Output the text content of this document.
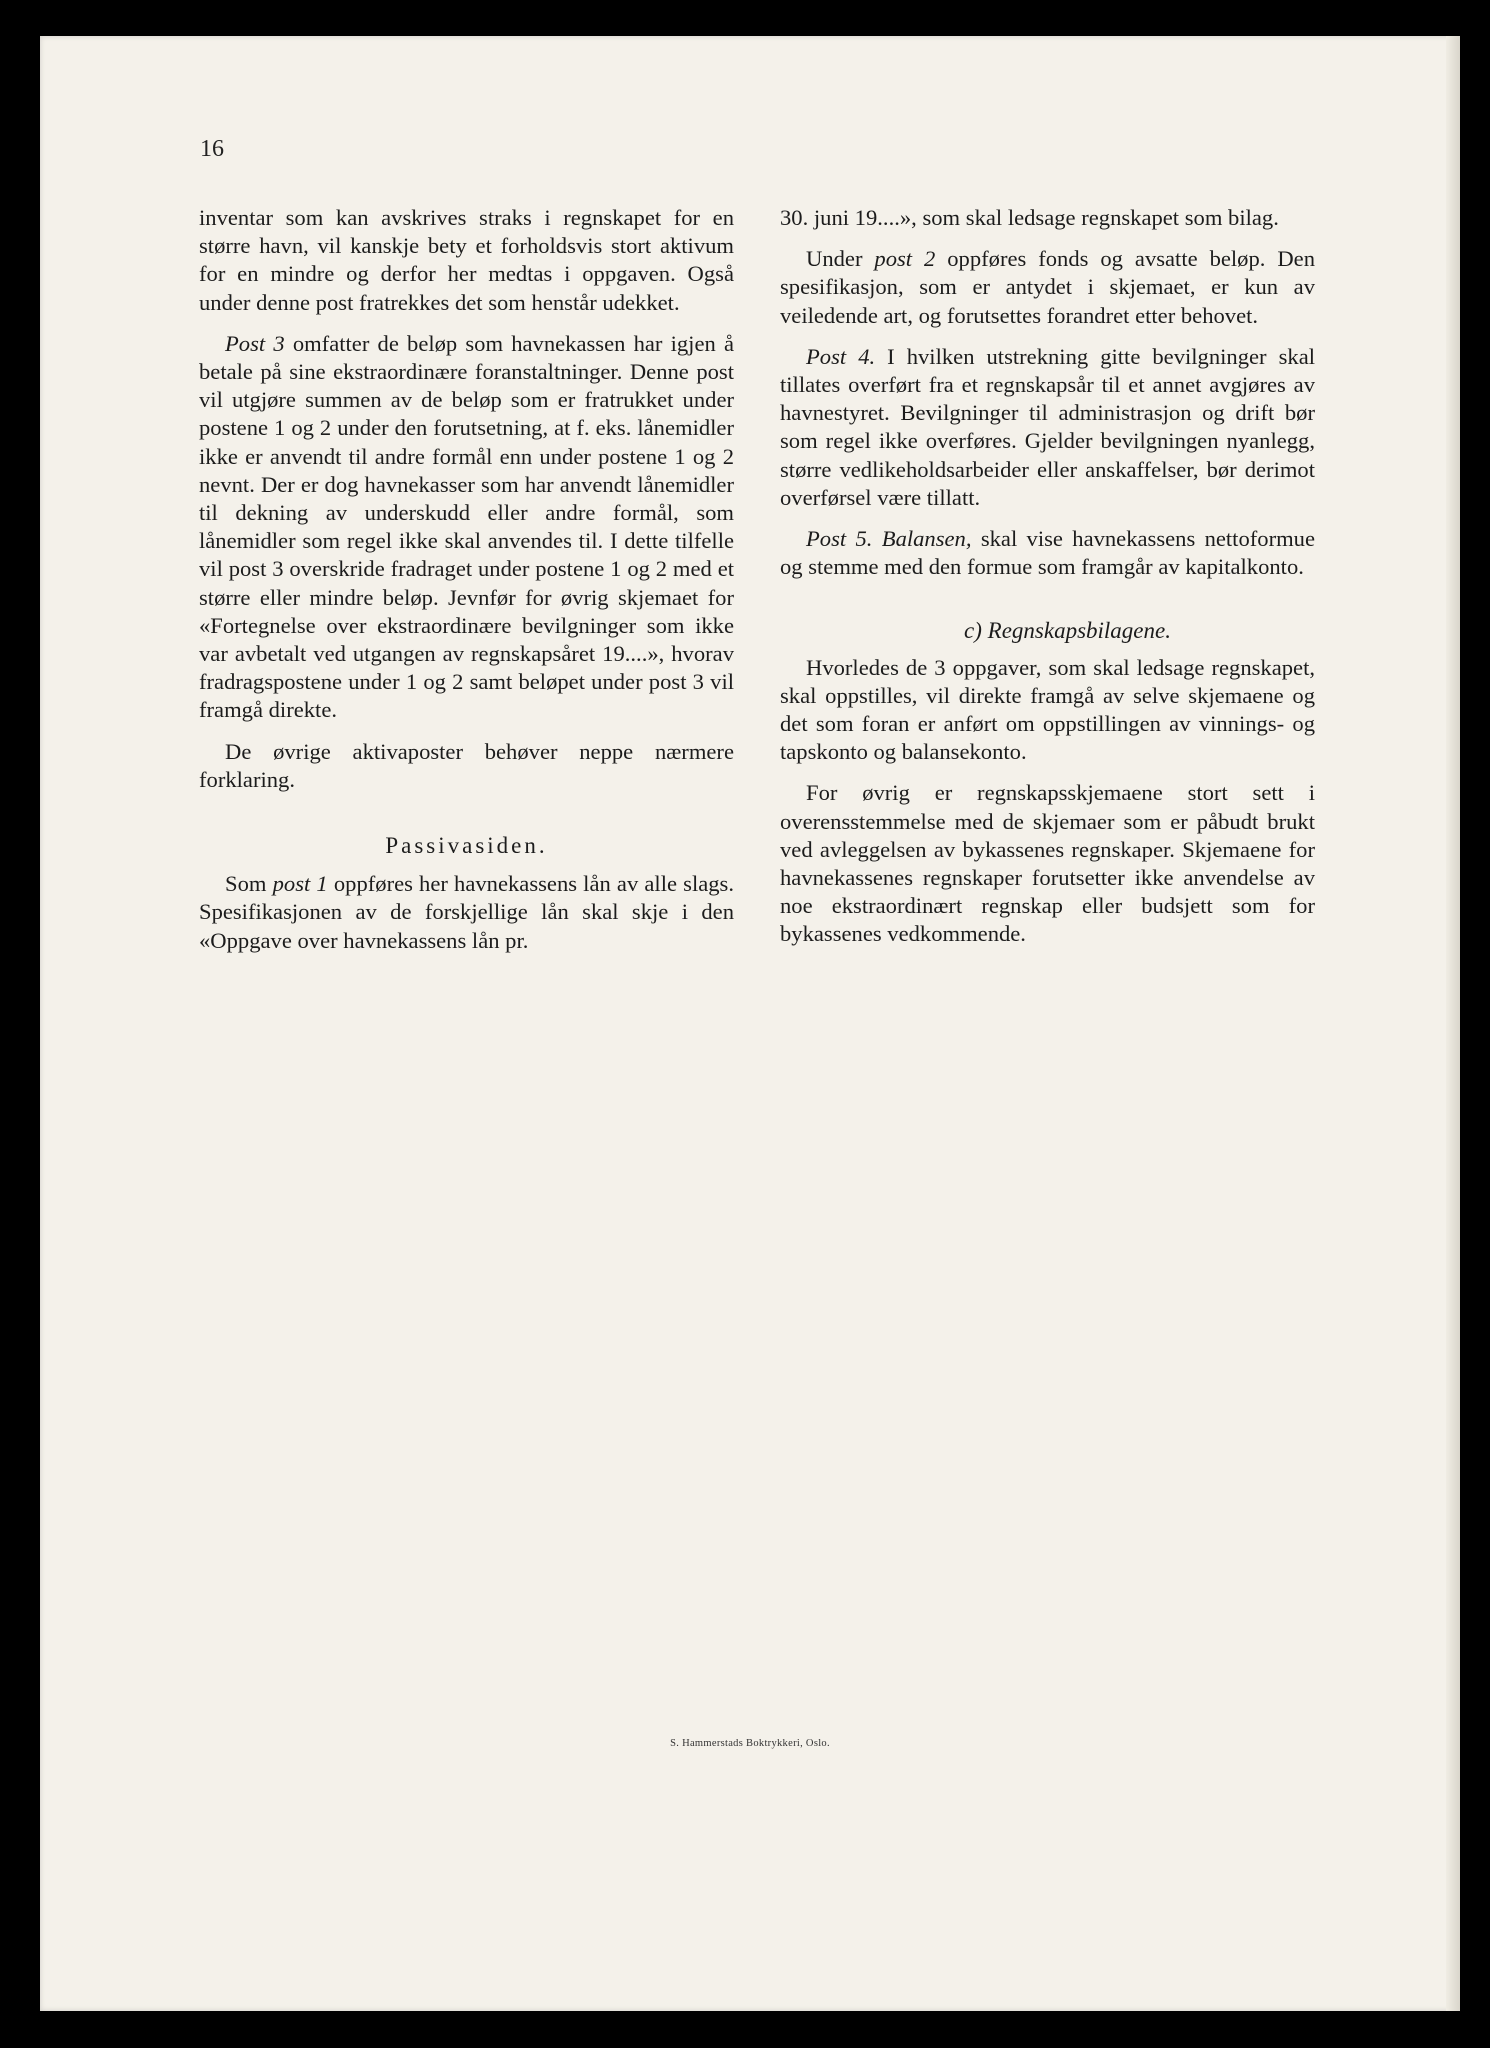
16

inventar som kan avskrives straks i regnskapet for en større havn, vil kanskje bety et forholdsvis stort aktivum for en mindre og derfor her medtas i oppgaven. Også under denne post fratrekkes det som henstår udekket.

Post 3 omfatter de beløp som havnekassen har igjen å betale på sine ekstraordinære foranstaltninger. Denne post vil utgjøre summen av de beløp som er fratrukket under postene 1 og 2 under den forutsetning, at f. eks. lånemidler ikke er anvendt til andre formål enn under postene 1 og 2 nevnt. Der er dog havnekasser som har anvendt lånemidler til dekning av underskudd eller andre formål, som lånemidler som regel ikke skal anvendes til. I dette tilfelle vil post 3 overskride fradraget under postene 1 og 2 med et større eller mindre beløp. Jevnfør for øvrig skjemaet for «Fortegnelse over ekstraordinære bevilgninger som ikke var avbetalt ved utgangen av regnskapsåret 19....», hvorav fradragspostene under 1 og 2 samt beløpet under post 3 vil framgå direkte.

De øvrige aktivaposter behøver neppe nærmere forklaring.

Passivasiden.

Som post 1 oppføres her havnekassens lån av alle slags. Spesifikasjonen av de forskjellige lån skal skje i den «Oppgave over havnekassens lån pr.

30. juni 19....», som skal ledsage regnskapet som bilag.

Under post 2 oppføres fonds og avsatte beløp. Den spesifikasjon, som er antydet i skjemaet, er kun av veiledende art, og forutsettes forandret etter behovet.

Post 4. I hvilken utstrekning gitte bevilgninger skal tillates overført fra et regnskapsår til et annet avgjøres av havnestyret. Bevilgninger til administrasjon og drift bør som regel ikke overføres. Gjelder bevilgningen nyanlegg, større vedlikeholdsarbeider eller anskaffelser, bør derimot overførsel være tillatt.

Post 5. Balansen, skal vise havnekassens nettoformue og stemme med den formue som framgår av kapitalkonto.

c) Regnskapsbilagene.

Hvorledes de 3 oppgaver, som skal ledsage regnskapet, skal oppstilles, vil direkte framgå av selve skjemaene og det som foran er anført om oppstillingen av vinnings- og tapskonto og balansekonto.

For øvrig er regnskapsskjemaene stort sett i overensstemmelse med de skjemaer som er påbudt brukt ved avleggelsen av bykassenes regnskaper. Skjemaene for havnekassenes regnskaper forutsetter ikke anvendelse av noe ekstraordinært regnskap eller budsjett som for bykassenes vedkommende.

S. Hammerstads Boktrykkeri, Oslo.
